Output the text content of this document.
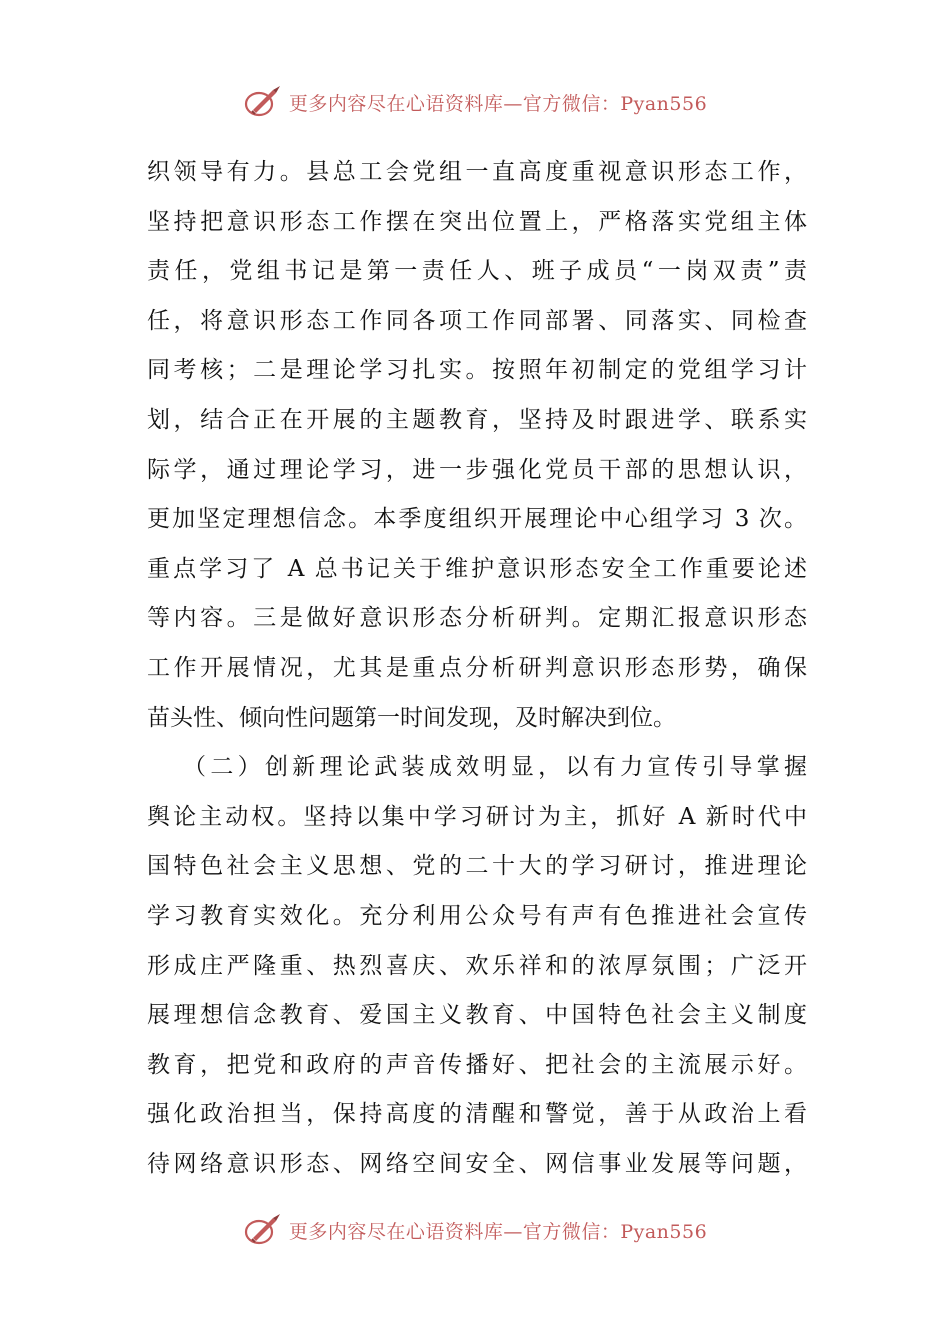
更多内容尽在心语资料库—官方微信：Pyan556
织领导有力。县总工会党组一直高度重视意识形态工作，
坚持把意识形态工作摆在突出位置上，严格落实党组主体
责任，党组书记是第一责任人、班子成员“一岗双责”责
任，将意识形态工作同各项工作同部署、同落实、同检查
同考核；二是理论学习扎实。按照年初制定的党组学习计
划，结合正在开展的主题教育，坚持及时跟进学、联系实
际学，通过理论学习，进一步强化党员干部的思想认识，
更加坚定理想信念。本季度组织开展理论中心组学习 3 次。
重点学习了 A 总书记关于维护意识形态安全工作重要论述
等内容。三是做好意识形态分析研判。定期汇报意识形态
工作开展情况，尤其是重点分析研判意识形态形势，确保
苗头性、倾向性问题第一时间发现，及时解决到位。
（二）创新理论武装成效明显，以有力宣传引导掌握
舆论主动权。坚持以集中学习研讨为主，抓好 A 新时代中
国特色社会主义思想、党的二十大的学习研讨，推进理论
学习教育实效化。充分利用公众号有声有色推进社会宣传
形成庄严隆重、热烈喜庆、欢乐祥和的浓厚氛围；广泛开
展理想信念教育、爱国主义教育、中国特色社会主义制度
教育，把党和政府的声音传播好、把社会的主流展示好。
强化政治担当，保持高度的清醒和警觉，善于从政治上看
待网络意识形态、网络空间安全、网信事业发展等问题，
更多内容尽在心语资料库—官方微信：Pyan556
